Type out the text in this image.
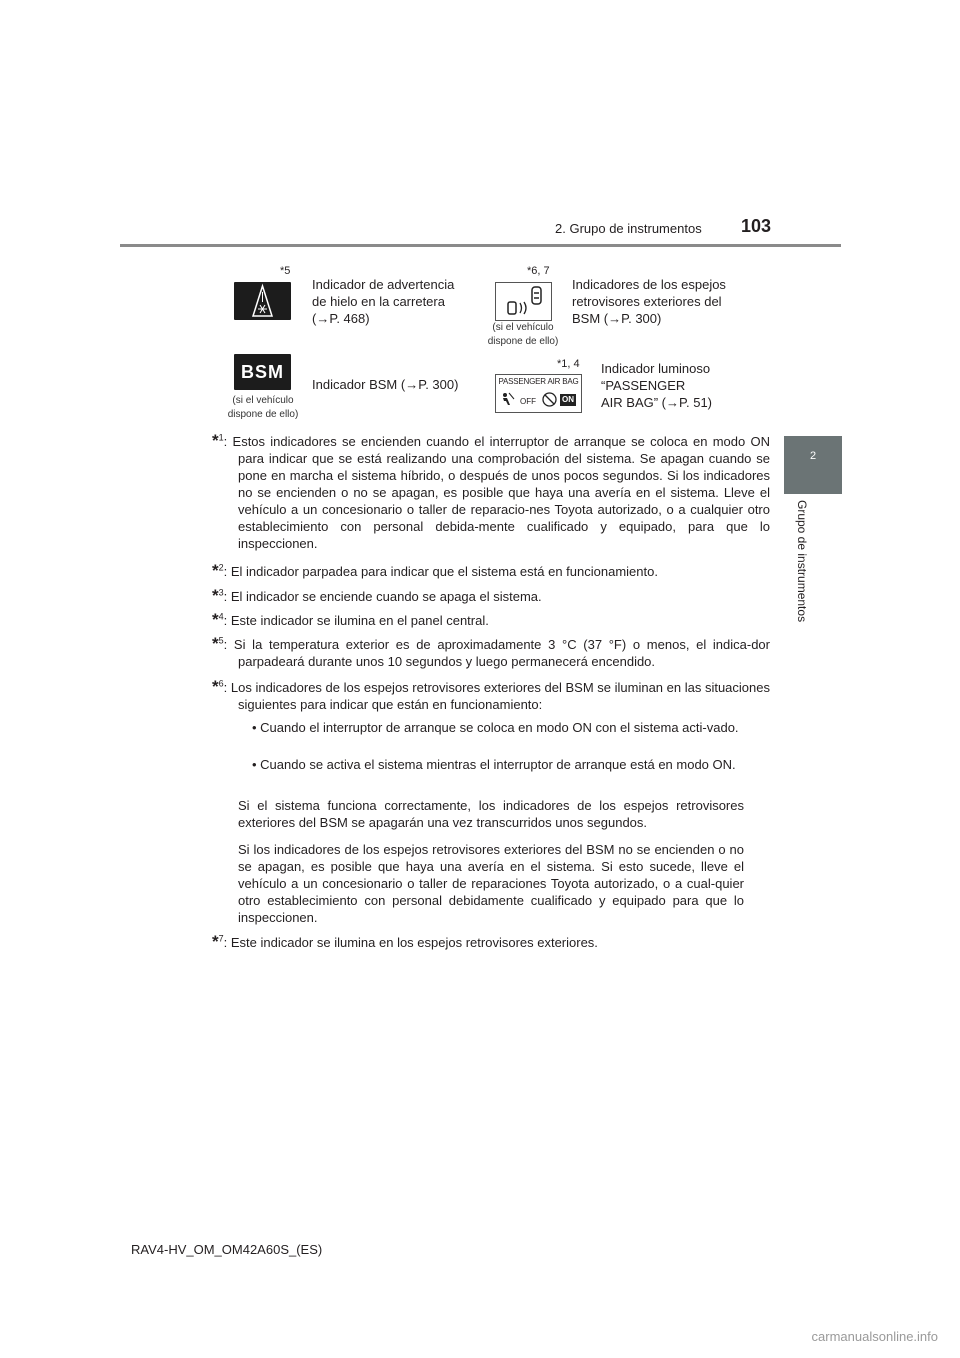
2. Grupo de instrumentos 103
2
Grupo de instrumentos
*5
Indicador de advertencia
de hielo en la carretera
(→P. 468)
*6, 7
(si el vehículo
dispone de ello)
Indicadores de los espejos
retrovisores exteriores del
BSM (→P. 300)
BSM
(si el vehículo
dispone de ello)
Indicador BSM (→P. 300)
*1, 4
PASSENGER AIR BAG
OFF	ON
Indicador luminoso
“PASSENGER
AIR BAG” (→P. 51)
*$^1$: Estos indicadores se encienden cuando el interruptor de arranque se coloca en modo ON para indicar que se está realizando una comprobación del sistema. Se apagan cuando se pone en marcha el sistema híbrido, o después de unos pocos segundos. Si los indicadores no se encienden o no se apagan, es posible que haya una avería en el sistema. Lleve el vehículo a un concesionario o taller de reparacio-nes Toyota autorizado, o a cualquier otro establecimiento con personal debida-mente cualificado y equipado, para que lo inspeccionen.
*$^2$: El indicador parpadea para indicar que el sistema está en funcionamiento.
*$^3$: El indicador se enciende cuando se apaga el sistema.
*$^4$: Este indicador se ilumina en el panel central.
*$^5$: Si la temperatura exterior es de aproximadamente 3 °C (37 °F) o menos, el indica-dor parpadeará durante unos 10 segundos y luego permanecerá encendido.
*$^6$: Los indicadores de los espejos retrovisores exteriores del BSM se iluminan en las situaciones siguientes para indicar que están en funcionamiento:
• Cuando el interruptor de arranque se coloca en modo ON con el sistema acti-vado.
• Cuando se activa el sistema mientras el interruptor de arranque está en modo ON.
Si el sistema funciona correctamente, los indicadores de los espejos retrovisores exteriores del BSM se apagarán una vez transcurridos unos segundos.
Si los indicadores de los espejos retrovisores exteriores del BSM no se encienden o no se apagan, es posible que haya una avería en el sistema. Si esto sucede, lleve el vehículo a un concesionario o taller de reparaciones Toyota autorizado, o a cual-quier otro establecimiento con personal debidamente cualificado y equipado para que lo inspeccionen.
*$^7$: Este indicador se ilumina en los espejos retrovisores exteriores.
RAV4-HV_OM_OM42A60S_(ES)
carmanualsonline.info
